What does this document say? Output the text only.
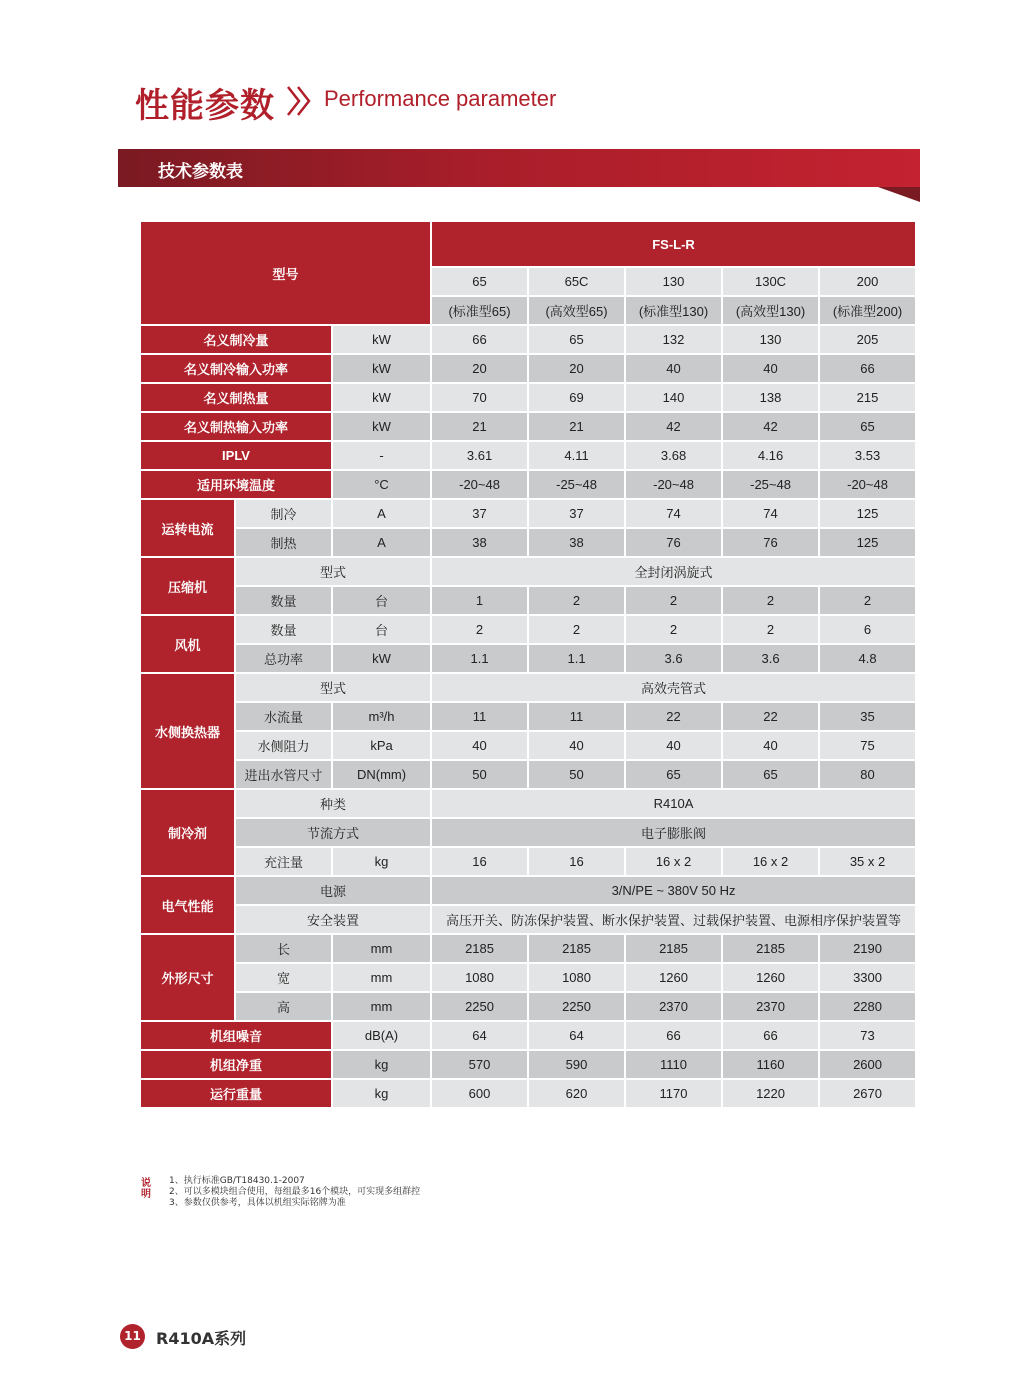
性能参数 Performance parameter
技术参数表
型号			FS-L-R				
			65	65C	130	130C	200
			(标准型65)	(高效型65)	(标准型130)	(高效型130)	(标准型200)
名义制冷量		kW	66	65	132	130	205
名义制冷输入功率		kW	20	20	40	40	66
名义制热量		kW	70	69	140	138	215
名义制热输入功率		kW	21	21	42	42	65
IPLV		-	3.61	4.11	3.68	4.16	3.53
适用环境温度		°C	-20~48	-25~48	-20~48	-25~48	-20~48
运转电流	制冷	A	37	37	74	74	125
	制热	A	38	38	76	76	125
压缩机	型式		全封闭涡旋式				
	数量	台	1	2	2	2	2
风机	数量	台	2	2	2	2	6
	总功率	kW	1.1	1.1	3.6	3.6	4.8
水侧换热器	型式		高效壳管式				
	水流量	m³/h	11	11	22	22	35
	水侧阻力	kPa	40	40	40	40	75
	进出水管尺寸	DN(mm)	50	50	65	65	80
制冷剂	种类		R410A				
	节流方式		电子膨胀阀				
	充注量	kg	16	16	16 x 2	16 x 2	35 x 2
电气性能	电源		3/N/PE ~ 380V 50 Hz				
	安全装置		高压开关、防冻保护装置、断水保护装置、过载保护装置、电源相序保护装置等				
外形尺寸	长	mm	2185	2185	2185	2185	2190
	宽	mm	1080	1080	1260	1260	3300
	高	mm	2250	2250	2370	2370	2280
机组噪音		dB(A)	64	64	66	66	73
机组净重		kg	570	590	1110	1160	2600
运行重量		kg	600	620	1170	1220	2670
说明
1、执行标准GB/T18430.1-2007
2、可以多模块组合使用，每组最多16个模块，可实现多组群控
3、参数仅供参考，具体以机组实际铭牌为准
11 R410A系列
